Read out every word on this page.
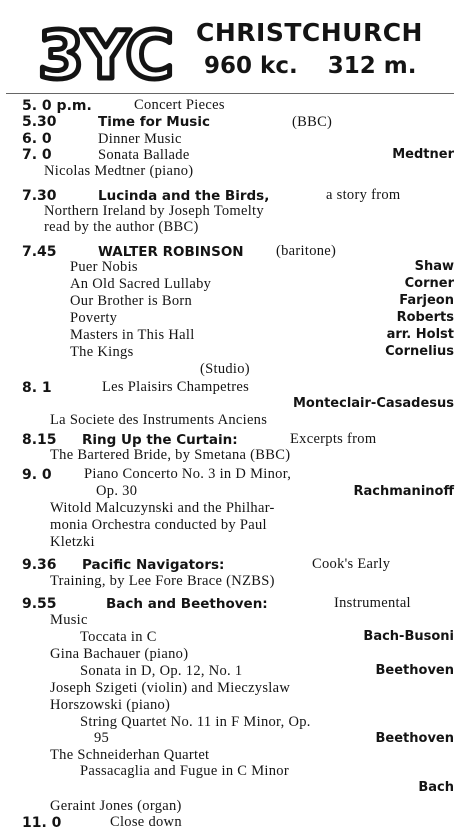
3YC CHRISTCHURCH
960 kc. 312 m.
5. 0 p.m.	Concert Pieces
5.30	Time for Music	(BBC)
6. 0	Dinner Music
7. 0	Sonata Ballade	Medtner
Nicolas Medtner (piano)
7.30	Lucinda and the Birds,	a story from
Northern Ireland by Joseph Tomelty
read by the author (BBC)
7.45	WALTER ROBINSON (baritone)
Puer Nobis	Shaw
An Old Sacred Lullaby	Corner
Our Brother is Born	Farjeon
Poverty	Roberts
Masters in This Hall	arr. Holst
The Kings	Cornelius
(Studio)
8. 1	Les Plaisirs Champetres
Monteclair-Casadesus
La Societe des Instruments Anciens
8.15 Ring Up the Curtain:	Excerpts from
The Bartered Bride, by Smetana (BBC)
9. 0 Piano Concerto No. 3 in D Minor,
Op. 30	Rachmaninoff
Witold Malcuzynski and the Philhar-
monia Orchestra conducted by Paul
Kletzki
9.36 Pacific Navigators:	Cook's Early
Training, by Lee Fore Brace (NZBS)
9.55	Bach and Beethoven:	Instrumental
Music
Toccata in C	Bach-Busoni
Gina Bachauer (piano)
Sonata in D, Op. 12, No. 1	Beethoven
Joseph Szigeti (violin) and Mieczyslaw
Horszowski (piano)
String Quartet No. 11 in F Minor, Op.
95	Beethoven
The Schneiderhan Quartet
Passacaglia and Fugue in C Minor
Bach
Geraint Jones (organ)
11. 0	Close down
